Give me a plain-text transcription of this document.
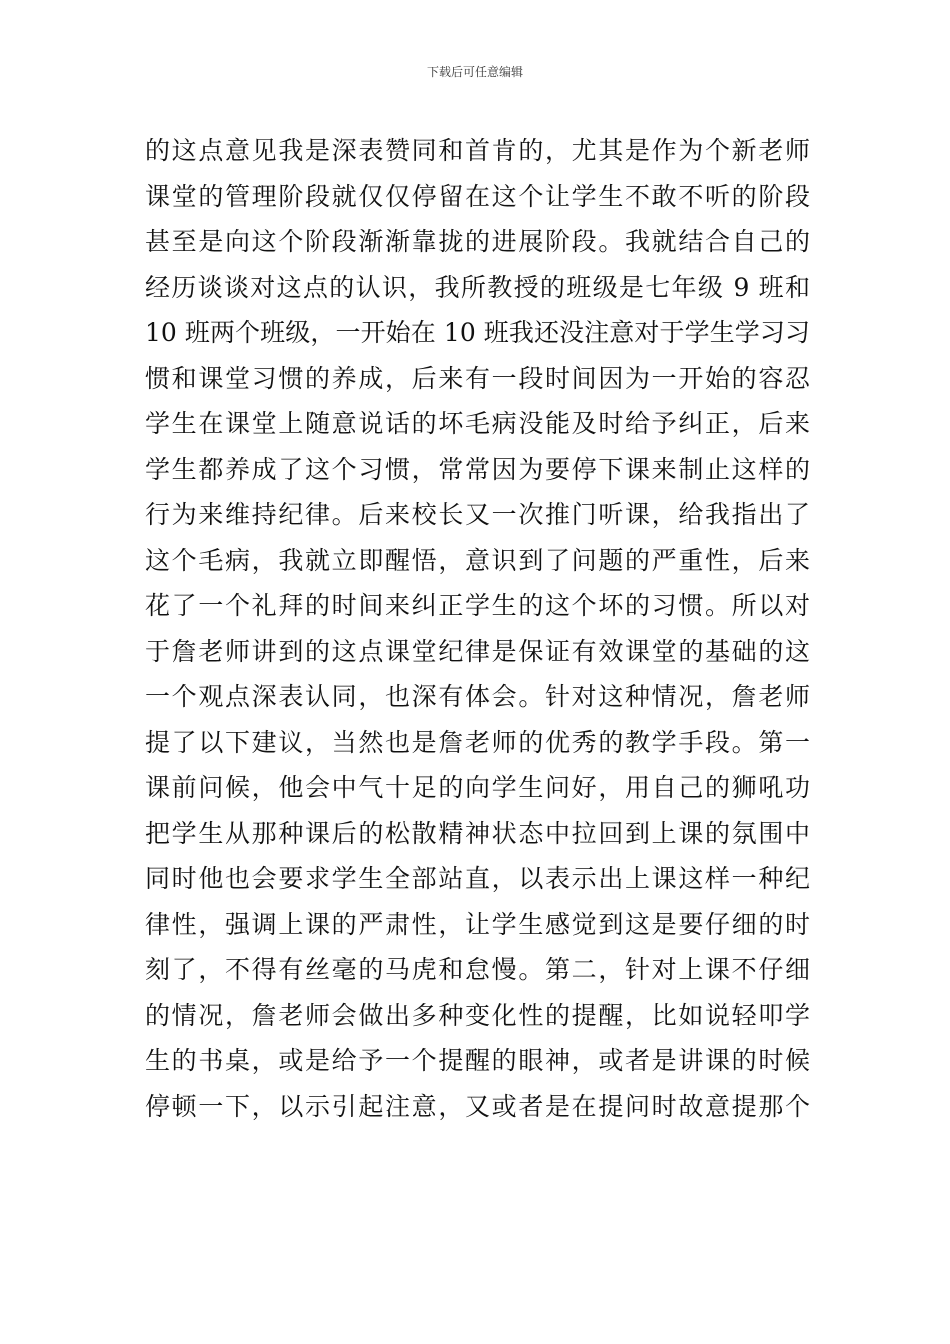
下载后可任意编辑
的这点意见我是深表赞同和首肯的，尤其是作为个新老师
课堂的管理阶段就仅仅停留在这个让学生不敢不听的阶段
甚至是向这个阶段渐渐靠拢的进展阶段。我就结合自己的
经历谈谈对这点的认识，我所教授的班级是七年级 9 班和
10 班两个班级，一开始在 10 班我还没注意对于学生学习习
惯和课堂习惯的养成，后来有一段时间因为一开始的容忍
学生在课堂上随意说话的坏毛病没能及时给予纠正，后来
学生都养成了这个习惯，常常因为要停下课来制止这样的
行为来维持纪律。后来校长又一次推门听课，给我指出了
这个毛病，我就立即醒悟，意识到了问题的严重性，后来
花了一个礼拜的时间来纠正学生的这个坏的习惯。所以对
于詹老师讲到的这点课堂纪律是保证有效课堂的基础的这
一个观点深表认同，也深有体会。针对这种情况，詹老师
提了以下建议，当然也是詹老师的优秀的教学手段。第一
课前问候，他会中气十足的向学生问好，用自己的狮吼功
把学生从那种课后的松散精神状态中拉回到上课的氛围中
同时他也会要求学生全部站直，以表示出上课这样一种纪
律性，强调上课的严肃性，让学生感觉到这是要仔细的时
刻了，不得有丝毫的马虎和怠慢。第二，针对上课不仔细
的情况，詹老师会做出多种变化性的提醒，比如说轻叩学
生的书桌，或是给予一个提醒的眼神，或者是讲课的时候
停顿一下，以示引起注意，又或者是在提问时故意提那个
